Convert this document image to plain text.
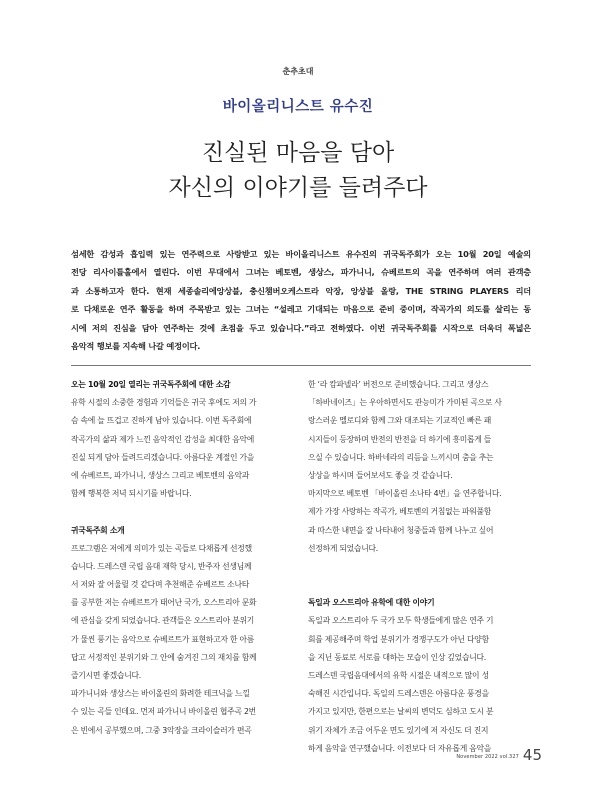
춘추초대
바이올리니스트 유수진
진실된 마음을 담아
자신의 이야기를 들려주다
섬세한 감성과 흡입력 있는 연주력으로 사랑받고 있는 바이올리니스트 유수진의 귀국독주회가 오는 10월 20일 예술의
전당 리사이틀홀에서 열린다. 이번 무대에서 그녀는 베토벤, 생상스, 파가니니, 슈베르트의 곡을 연주하며 여러 관객층
과 소통하고자 한다. 현재 세종솔리에앙상블, 충신챔버오케스트라 악장, 앙상블 올랑, THE STRING PLAYERS 리더
로 다채로운 연주 활동을 하며 주목받고 있는 그녀는 “설레고 기대되는 마음으로 준비 중이며, 작곡가의 의도를 살리는 동
시에 저의 진심을 담아 연주하는 것에 초점을 두고 있습니다.”라고 전하였다. 이번 귀국독주회를 시작으로 더욱더 폭넓은
음악적 행보를 지속해 나갈 예정이다.
오는 10월 20일 열리는 귀국독주회에 대한 소감
유학 시절의 소중한 경험과 기억들은 귀국 후에도 저의 가
슴 속에 늘 뜨겁고 진하게 남아 있습니다. 이번 독주회에
작곡가의 삶과 제가 느낀 음악적인 감성을 최대한 음악에
진실 되게 담아 들려드리겠습니다. 아름다운 계절인 가을
에 슈베르트, 파가니니, 생상스 그리고 베토벤의 음악과
함께 행복한 저녁 되시기를 바랍니다.
귀국독주회 소개
프로그램은 저에게 의미가 있는 곡들로 다채롭게 선정했
습니다. 드레스덴 국립 음대 재학 당시, 반주자 선생님께
서 저와 잘 어울릴 것 같다며 추천해준 슈베르트 소나타
를 공부한 저는 슈베르트가 태어난 국가, 오스트리아 문화
에 관심을 갖게 되었습니다. 관객들은 오스트리아 분위기
가 물씬 풍기는 음악으로 슈베르트가 표현하고자 한 아름
답고 서정적인 분위기와 그 안에 숨겨진 그의 재치를 함께
즐기시면 좋겠습니다.
파가니니와 생상스는 바이올린의 화려한 테크닉을 느낄
수 있는 곡들 인데요. 먼저 파가니니 바이올린 협주곡 2번
은 빈에서 공부했으며, 그중 3악장을 크라이슬러가 편곡
한 ‘라 캄파넬라’ 버전으로 준비했습니다. 그리고 생상스
「하바네이즈」는 우아하면서도 관능미가 가미된 곡으로 사
랑스러운 멜로디와 함께 그와 대조되는 기교적인 빠른 패
시지들이 등장하며 반전의 반전을 더 하기에 흥미롭게 들
으실 수 있습니다. 하바네라의 리듬을 느끼시며 춤을 추는
상상을 하시며 들어보셔도 좋을 것 같습니다.
마지막으로 베토벤 「바이올린 소나타 4번」을 연주합니다.
제가 가장 사랑하는 작곡가, 베토벤의 거침없는 파워풀함
과 따스한 내면을 잘 나타내어 청중들과 함께 나누고 싶어
선정하게 되었습니다.
독일과 오스트리아 유학에 대한 이야기
독일과 오스트리아 두 국가 모두 학생들에게 많은 연주 기
회를 제공해주며 학업 분위기가 경쟁구도가 아닌 다양함
을 지닌 동료로 서로를 대하는 모습이 인상 깊었습니다.
드레스덴 국립음대에서의 유학 시절은 내적으로 많이 성
숙해진 시간입니다. 독일의 드레스덴은 아름다운 풍경을
가지고 있지만, 한편으로는 날씨의 변덕도 심하고 도시 분
위기 자체가 조금 어두운 면도 있기에 저 자신도 더 진지
하게 음악을 연구했습니다. 이전보다 더 자유롭게 음악을
November 2022 vol.327 45
